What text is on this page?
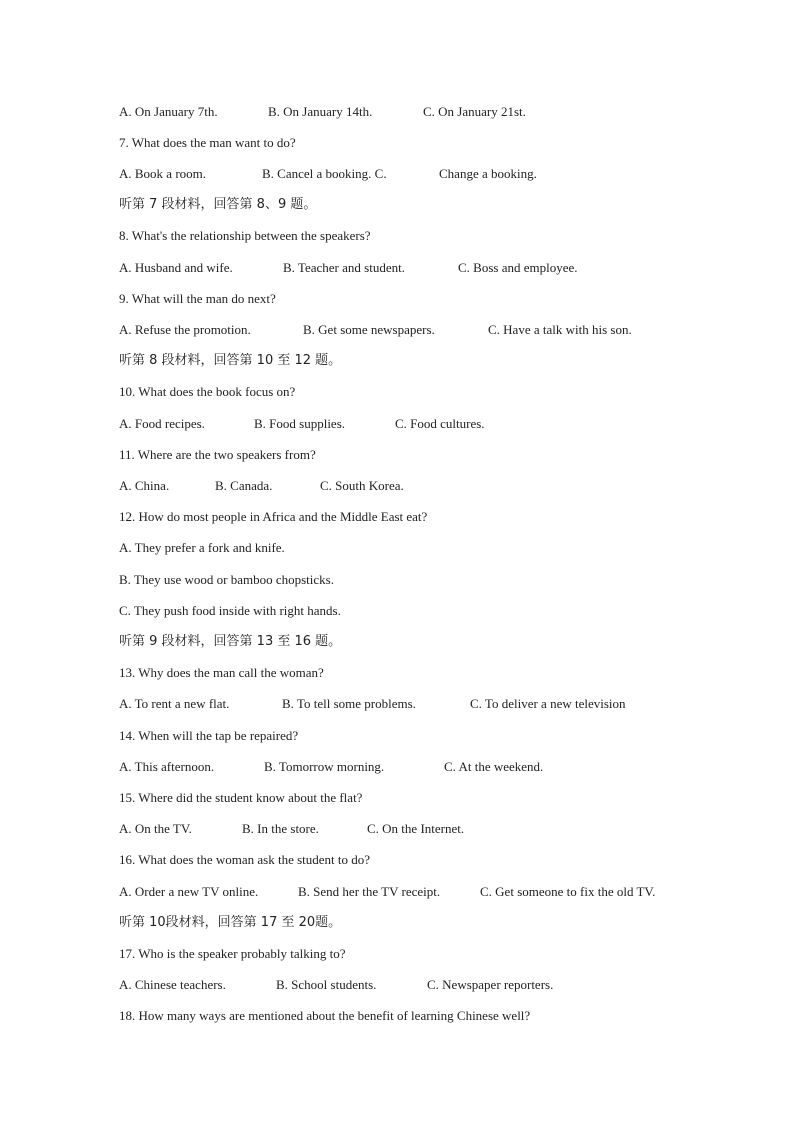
A. On January 7th.	B. On January 14th.	C. On January 21st.
7. What does the man want to do?
A. Book a room.	B. Cancel a booking. C.	Change a booking.
听第 7 段材料，回答第 8、9 题。
8. What's the relationship between the speakers?
A. Husband and wife.	B. Teacher and student.	C. Boss and employee.
9. What will the man do next?
A. Refuse the promotion.	B. Get some newspapers.	C. Have a talk with his son.
听第 8 段材料，回答第 10 至 12 题。
10. What does the book focus on?
A. Food recipes.	B. Food supplies.	C. Food cultures.
11. Where are the two speakers from?
A. China.	B. Canada.	C. South Korea.
12. How do most people in Africa and the Middle East eat?
A. They prefer a fork and knife.
B. They use wood or bamboo chopsticks.
C. They push food inside with right hands.
听第 9 段材料，回答第 13 至 16 题。
13. Why does the man call the woman?
A. To rent a new flat.	B. To tell some problems.	C. To deliver a new television
14. When will the tap be repaired?
A. This afternoon.	B. Tomorrow morning.	C. At the weekend.
15. Where did the student know about the flat?
A. On the TV.	B. In the store.	C. On the Internet.
16. What does the woman ask the student to do?
A. Order a new TV online.	B. Send her the TV receipt.	C. Get someone to fix the old TV.
听第 10段材料，回答第 17 至 20题。
17. Who is the speaker probably talking to?
A. Chinese teachers.	B. School students.	C. Newspaper reporters.
18. How many ways are mentioned about the benefit of learning Chinese well?
